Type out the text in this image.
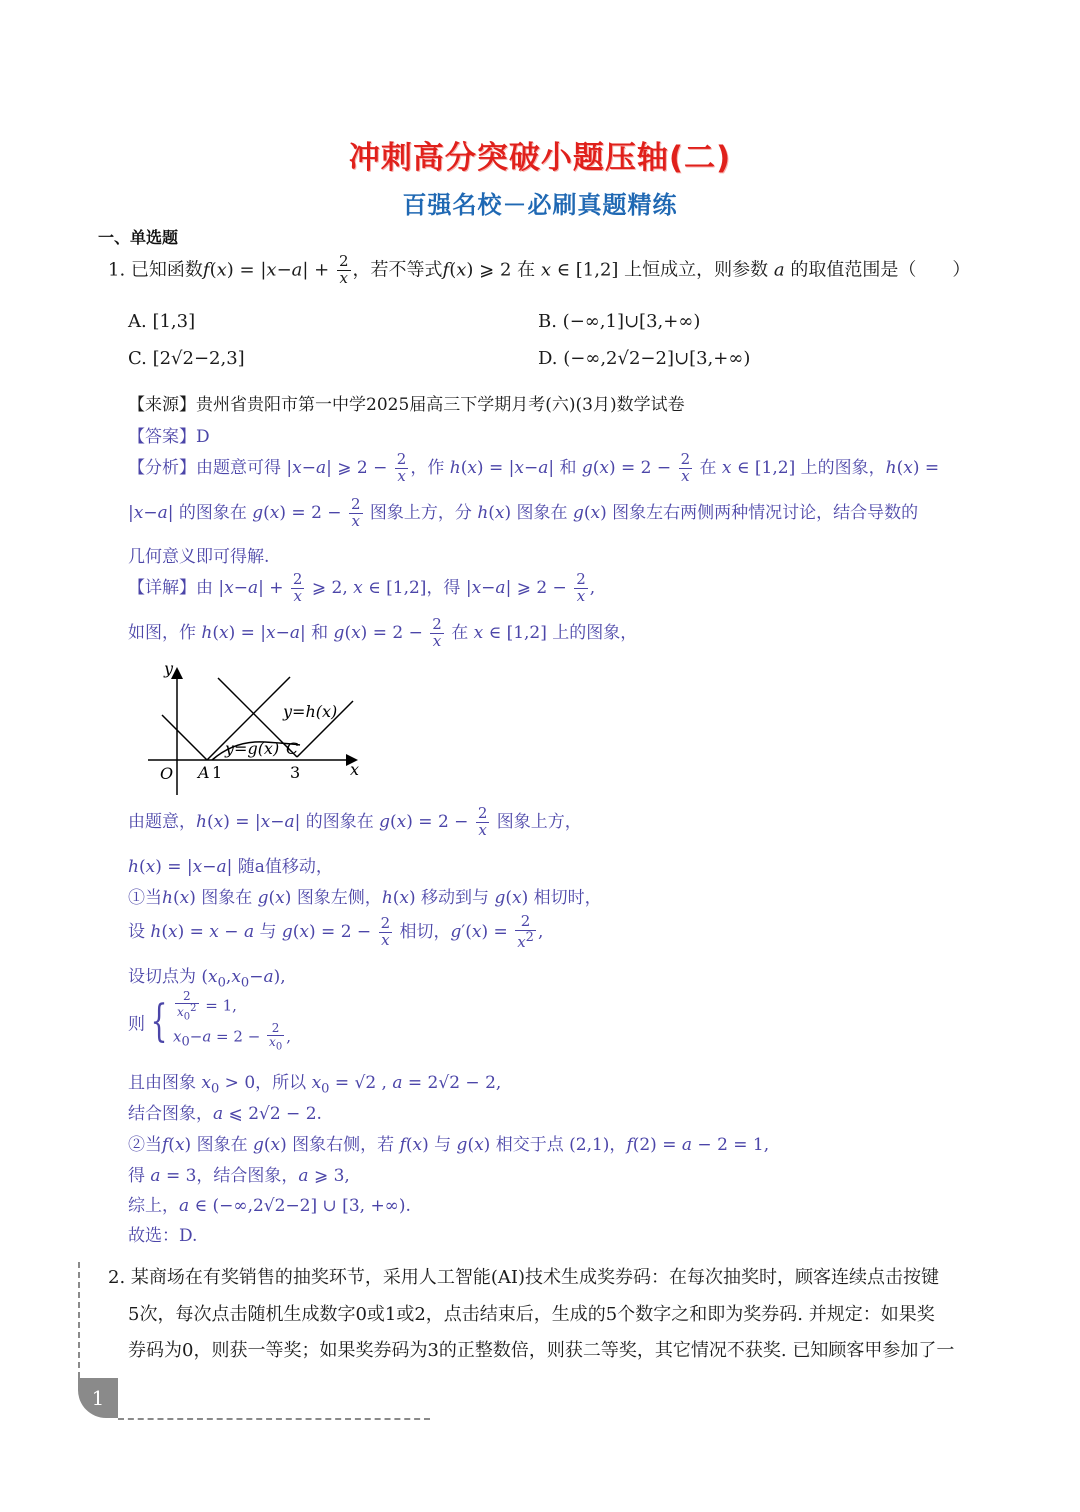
冲刺高分突破小题压轴(二)
百强名校－必刷真题精练
一、单选题
1. 已知函数$f(x) = |x-a| + \frac{2}{x}$ ，若不等式f(x) ⩾ 2 在 x ∈ [1,2] 上恒成立，则参数 a 的取值范围是（　　）
A. [1,3]	B. (−∞,1]∪[3,+∞)
C. [2√2−2,3]	D. (−∞,2√2−2]∪[3,+∞)
【来源】贵州省贵阳市第一中学2025届高三下学期月考(六)(3月)数学试卷
【答案】D
【分析】由题意可得 |x−a| ⩾ $2 - \frac{2}{x}$ ，作 h(x) = |x−a| 和 $g(x) = 2 - \frac{2}{x}$ 在 x ∈ [1,2] 上的图象，h(x) =
|x−a| 的图象在 $g(x) = 2 - \frac{2}{x}$ 图象上方，分 h(x) 图象在 g(x) 图象左右两侧两种情况讨论，结合导数的
几何意义即可得解.
【详解】由 $|x-a| + \frac{2}{x}$ ⩾ 2, x ∈ [1,2]，得 |x−a| ⩾ $2 - \frac{2}{x}$ ,
如图，作 h(x) = |x−a| 和 $g(x) = 2 - \frac{2}{x}$ 在 x ∈ [1,2] 上的图象，
y
x
O A 1	3
C
y=h(x)
y=g(x)
由题意，h(x) = |x−a| 的图象在 $g(x) = 2 - \frac{2}{x}$ 图象上方，
h(x) = |x−a| 随a值移动，
①当h(x) 图象在 g(x) 图象左侧，h(x) 移动到与 g(x) 相切时，
设 h(x) = x − a 与 $g(x) = 2 - \frac{2}{x}$ 相切，$g'(x) = \frac{2}{x^2}$ ,
设切点为 $(x_0,x_0-a)$,
则 { $\frac{2}{x_0^2} = 1$,
$x_0-a = 2 - \frac{2}{x_0}$ ,
且由图象 $x_0 > 0$，所以 $x_0 = √2$ , a = 2√2 − 2,
结合图象，a ⩽ 2√2 − 2.
②当f(x) 图象在 g(x) 图象右侧，若 f(x) 与 g(x) 相交于点 (2,1)，f(2) = a − 2 = 1,
得 a = 3，结合图象，a ⩾ 3,
综上，a ∈ (−∞,2√2−2] ∪ [3, +∞).
故选：D.
2. 某商场在有奖销售的抽奖环节，采用人工智能(AI)技术生成奖券码：在每次抽奖时，顾客连续点击按键
5次，每次点击随机生成数字0或1或2，点击结束后，生成的5个数字之和即为奖券码. 并规定：如果奖
券码为0，则获一等奖；如果奖券码为3的正整数倍，则获二等奖，其它情况不获奖. 已知顾客甲参加了一
1
